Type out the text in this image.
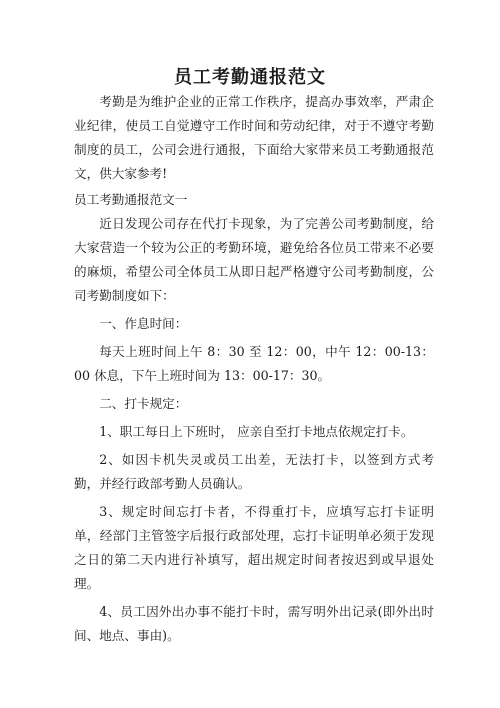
员工考勤通报范文

考勤是为维护企业的正常工作秩序，提高办事效率，严肃企业纪律，使员工自觉遵守工作时间和劳动纪律，对于不遵守考勤制度的员工，公司会进行通报，下面给大家带来员工考勤通报范文，供大家参考!

员工考勤通报范文一

近日发现公司存在代打卡现象，为了完善公司考勤制度，给大家营造一个较为公正的考勤环境，避免给各位员工带来不必要的麻烦，希望公司全体员工从即日起严格遵守公司考勤制度，公司考勤制度如下：

一、作息时间：

每天上班时间上午 8：30 至 12：00，中午 12：00-13：00 休息，下午上班时间为 13：00-17：30。

二、打卡规定：

1、职工每日上下班时， 应亲自至打卡地点依规定打卡。

2、如因卡机失灵或员工出差，无法打卡，以签到方式考勤，并经行政部考勤人员确认。

3、规定时间忘打卡者，不得重打卡，应填写忘打卡证明单，经部门主管签字后报行政部处理，忘打卡证明单必须于发现之日的第二天内进行补填写，超出规定时间者按迟到或早退处理。

4、员工因外出办事不能打卡时，需写明外出记录(即外出时间、地点、事由)。
